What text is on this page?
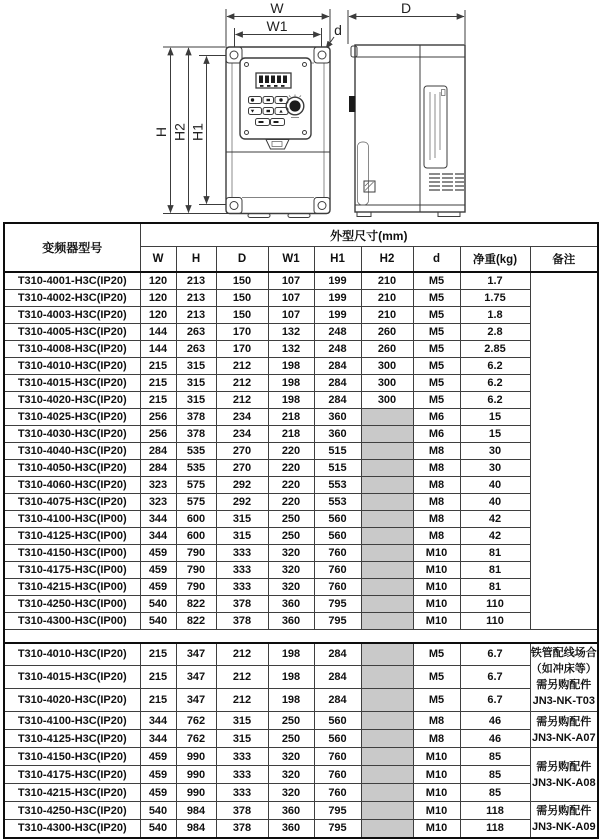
W
W1	d
H H2 H1
D
变频器型号	外型尺寸(mm)								
	W	H	D	W1	H1	H2	d	净重(kg)	备注
T310-4001-H3C(IP20)	120	213	150	107	199	210	M5	1.7	
T310-4002-H3C(IP20)	120	213	150	107	199	210	M5	1.75	
T310-4003-H3C(IP20)	120	213	150	107	199	210	M5	1.8	
T310-4005-H3C(IP20)	144	263	170	132	248	260	M5	2.8	
T310-4008-H3C(IP20)	144	263	170	132	248	260	M5	2.85	
T310-4010-H3C(IP20)	215	315	212	198	284	300	M5	6.2	
T310-4015-H3C(IP20)	215	315	212	198	284	300	M5	6.2	
T310-4020-H3C(IP20)	215	315	212	198	284	300	M5	6.2	
T310-4025-H3C(IP20)	256	378	234	218	360		M6	15	
T310-4030-H3C(IP20)	256	378	234	218	360		M6	15	
T310-4040-H3C(IP20)	284	535	270	220	515		M8	30	
T310-4050-H3C(IP20)	284	535	270	220	515		M8	30	
T310-4060-H3C(IP20)	323	575	292	220	553		M8	40	
T310-4075-H3C(IP20)	323	575	292	220	553		M8	40	
T310-4100-H3C(IP00)	344	600	315	250	560		M8	42	
T310-4125-H3C(IP00)	344	600	315	250	560		M8	42	
T310-4150-H3C(IP00)	459	790	333	320	760		M10	81	
T310-4175-H3C(IP00)	459	790	333	320	760		M10	81	
T310-4215-H3C(IP00)	459	790	333	320	760		M10	81	
T310-4250-H3C(IP00)	540	822	378	360	795		M10	110	
T310-4300-H3C(IP00)	540	822	378	360	795		M10	110	

T310-4010-H3C(IP20)	215	347	212	198	284		M5	6.7	铁管配线场合
（如冲床等）
需另购配件
JN3-NK-T03

T310-4015-H3C(IP20)	215	347	212	198	284		M5	6.7	
T310-4020-H3C(IP20)	215	347	212	198	284		M5	6.7	
T310-4100-H3C(IP20)	344	762	315	250	560		M8	46	需另购配件
JN3-NK-A07

T310-4125-H3C(IP20)	344	762	315	250	560		M8	46	
T310-4150-H3C(IP20)	459	990	333	320	760		M10	85	需另购配件
JN3-NK-A08

T310-4175-H3C(IP20)	459	990	333	320	760		M10	85	
T310-4215-H3C(IP20)	459	990	333	320	760		M10	85	
T310-4250-H3C(IP20)	540	984	378	360	795		M10	118	需另购配件
JN3-NK-A09

T310-4300-H3C(IP20)	540	984	378	360	795		M10	118	
